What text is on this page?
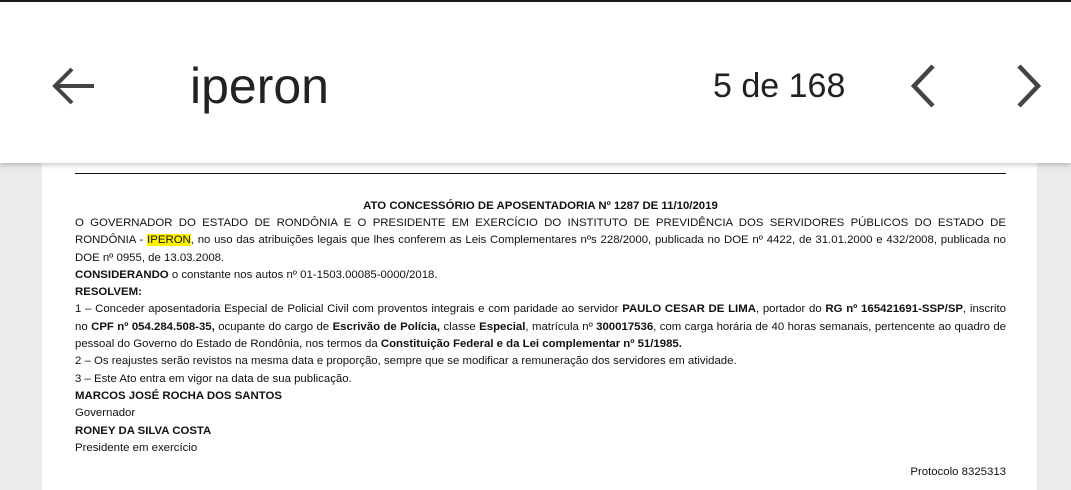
iperon	5 de 168
ATO CONCESSÓRIO DE APOSENTADORIA Nº 1287 DE 11/10/2019

O GOVERNADOR DO ESTADO DE RONDÔNIA E O PRESIDENTE EM EXERCÍCIO DO INSTITUTO DE PREVIDÊNCIA DOS SERVIDORES PÚBLICOS DO ESTADO DE RONDÔNIA - IPERON, no uso das atribuições legais que lhes conferem as Leis Complementares nºs 228/2000, publicada no DOE nº 4422, de 31.01.2000 e 432/2008, publicada no DOE nº 0955, de 13.03.2008.

CONSIDERANDO o constante nos autos nº 01-1503.00085-0000/2018.

RESOLVEM:

1 – Conceder aposentadoria Especial de Policial Civil com proventos integrais e com paridade ao servidor PAULO CESAR DE LIMA, portador do RG nº 165421691-SSP/SP, inscrito no CPF nº 054.284.508-35, ocupante do cargo de Escrivão de Polícia, classe Especial, matrícula nº 300017536, com carga horária de 40 horas semanais, pertencente ao quadro de pessoal do Governo do Estado de Rondônia, nos termos da Constituição Federal e da Lei complementar nº 51/1985.

2 – Os reajustes serão revistos na mesma data e proporção, sempre que se modificar a remuneração dos servidores em atividade.

3 – Este Ato entra em vigor na data de sua publicação.

MARCOS JOSÉ ROCHA DOS SANTOS

Governador

RONEY DA SILVA COSTA

Presidente em exercício

Protocolo 8325313
